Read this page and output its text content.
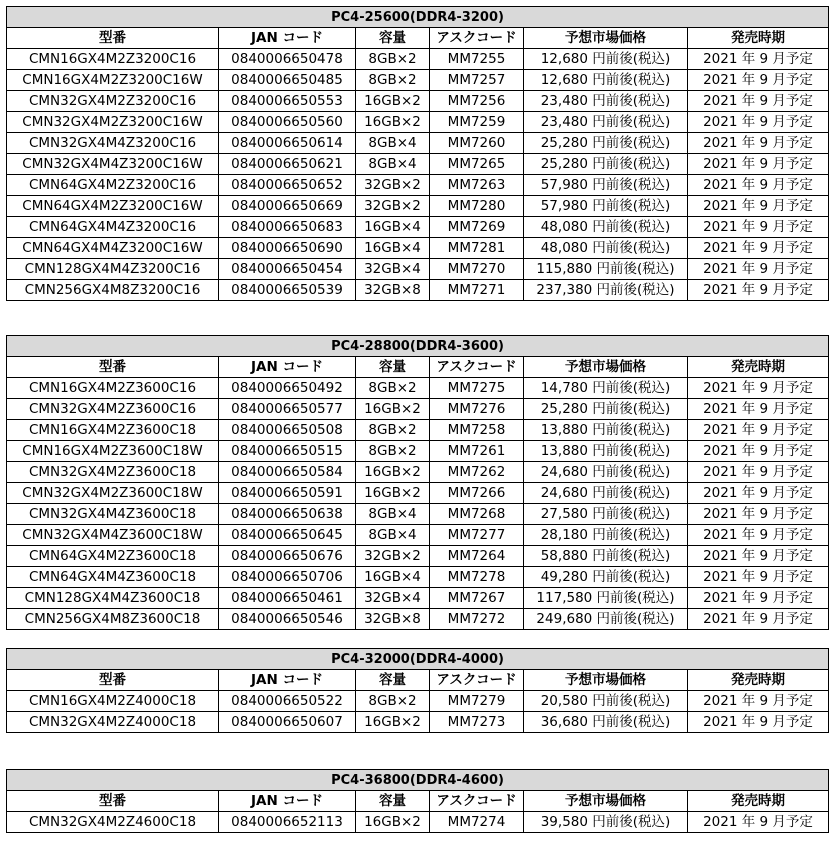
PC4-25600(DDR4-3200)					
型番	JAN コード	容量	アスクコード	予想市場価格	発売時期
CMN16GX4M2Z3200C16	0840006650478	8GB×2	MM7255	12,680 円前後(税込)	2021 年 9 月予定
CMN16GX4M2Z3200C16W	0840006650485	8GB×2	MM7257	12,680 円前後(税込)	2021 年 9 月予定
CMN32GX4M2Z3200C16	0840006650553	16GB×2	MM7256	23,480 円前後(税込)	2021 年 9 月予定
CMN32GX4M2Z3200C16W	0840006650560	16GB×2	MM7259	23,480 円前後(税込)	2021 年 9 月予定
CMN32GX4M4Z3200C16	0840006650614	8GB×4	MM7260	25,280 円前後(税込)	2021 年 9 月予定
CMN32GX4M4Z3200C16W	0840006650621	8GB×4	MM7265	25,280 円前後(税込)	2021 年 9 月予定
CMN64GX4M2Z3200C16	0840006650652	32GB×2	MM7263	57,980 円前後(税込)	2021 年 9 月予定
CMN64GX4M2Z3200C16W	0840006650669	32GB×2	MM7280	57,980 円前後(税込)	2021 年 9 月予定
CMN64GX4M4Z3200C16	0840006650683	16GB×4	MM7269	48,080 円前後(税込)	2021 年 9 月予定
CMN64GX4M4Z3200C16W	0840006650690	16GB×4	MM7281	48,080 円前後(税込)	2021 年 9 月予定
CMN128GX4M4Z3200C16	0840006650454	32GB×4	MM7270	115,880 円前後(税込)	2021 年 9 月予定
CMN256GX4M8Z3200C16	0840006650539	32GB×8	MM7271	237,380 円前後(税込)	2021 年 9 月予定
PC4-28800(DDR4-3600)					
型番	JAN コード	容量	アスクコード	予想市場価格	発売時期
CMN16GX4M2Z3600C16	0840006650492	8GB×2	MM7275	14,780 円前後(税込)	2021 年 9 月予定
CMN32GX4M2Z3600C16	0840006650577	16GB×2	MM7276	25,280 円前後(税込)	2021 年 9 月予定
CMN16GX4M2Z3600C18	0840006650508	8GB×2	MM7258	13,880 円前後(税込)	2021 年 9 月予定
CMN16GX4M2Z3600C18W	0840006650515	8GB×2	MM7261	13,880 円前後(税込)	2021 年 9 月予定
CMN32GX4M2Z3600C18	0840006650584	16GB×2	MM7262	24,680 円前後(税込)	2021 年 9 月予定
CMN32GX4M2Z3600C18W	0840006650591	16GB×2	MM7266	24,680 円前後(税込)	2021 年 9 月予定
CMN32GX4M4Z3600C18	0840006650638	8GB×4	MM7268	27,580 円前後(税込)	2021 年 9 月予定
CMN32GX4M4Z3600C18W	0840006650645	8GB×4	MM7277	28,180 円前後(税込)	2021 年 9 月予定
CMN64GX4M2Z3600C18	0840006650676	32GB×2	MM7264	58,880 円前後(税込)	2021 年 9 月予定
CMN64GX4M4Z3600C18	0840006650706	16GB×4	MM7278	49,280 円前後(税込)	2021 年 9 月予定
CMN128GX4M4Z3600C18	0840006650461	32GB×4	MM7267	117,580 円前後(税込)	2021 年 9 月予定
CMN256GX4M8Z3600C18	0840006650546	32GB×8	MM7272	249,680 円前後(税込)	2021 年 9 月予定
PC4-32000(DDR4-4000)					
型番	JAN コード	容量	アスクコード	予想市場価格	発売時期
CMN16GX4M2Z4000C18	0840006650522	8GB×2	MM7279	20,580 円前後(税込)	2021 年 9 月予定
CMN32GX4M2Z4000C18	0840006650607	16GB×2	MM7273	36,680 円前後(税込)	2021 年 9 月予定
PC4-36800(DDR4-4600)					
型番	JAN コード	容量	アスクコード	予想市場価格	発売時期
CMN32GX4M2Z4600C18	0840006652113	16GB×2	MM7274	39,580 円前後(税込)	2021 年 9 月予定
